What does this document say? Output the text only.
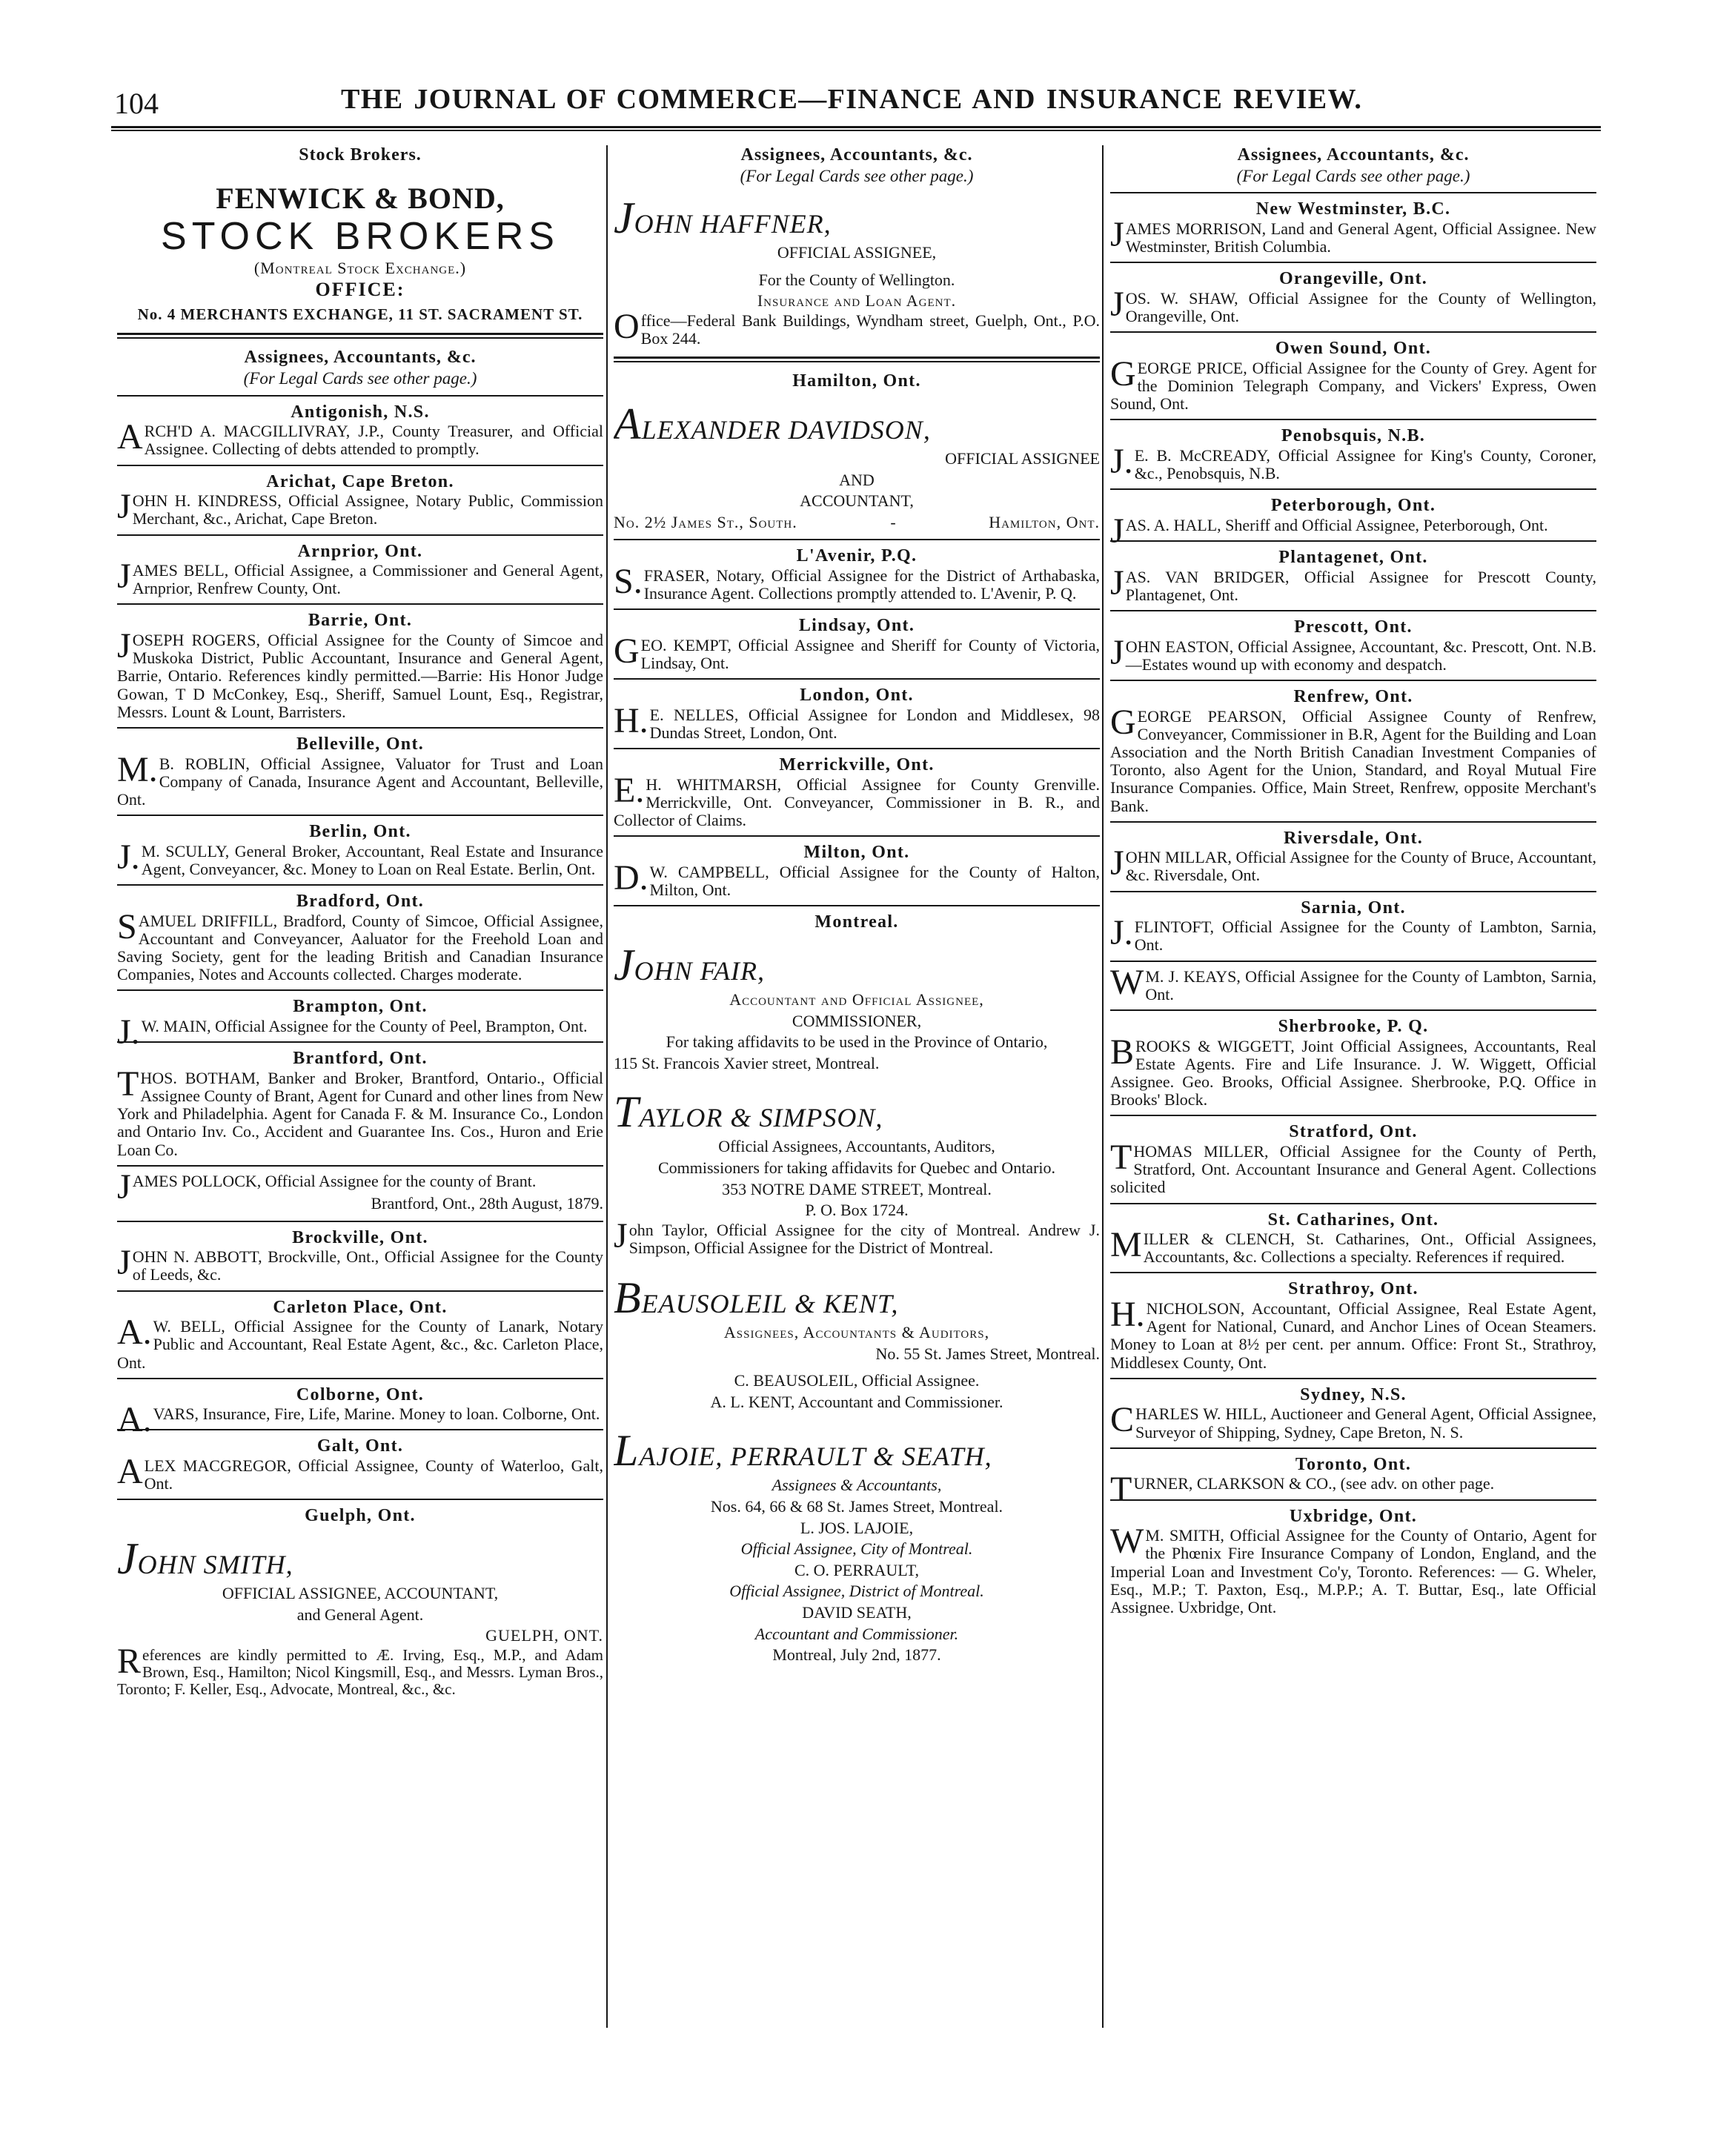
104	THE JOURNAL OF COMMERCE—FINANCE AND INSURANCE REVIEW.
Stock Brokers.
FENWICK & BOND,
STOCK BROKERS
(Montreal Stock Exchange.)
OFFICE:
No. 4 MERCHANTS EXCHANGE, 11 ST. SACRAMENT ST.
Assignees, Accountants, &c.
(For Legal Cards see other page.)
Antigonish, N.S.
ARCH'D A. MACGILLIVRAY, J.P., County Treasurer, and Official Assignee. Collecting of debts attended to promptly.
Arichat, Cape Breton.
JOHN H. KINDRESS, Official Assignee, Notary Public, Commission Merchant, &c., Arichat, Cape Breton.
Arnprior, Ont.
JAMES BELL, Official Assignee, a Commissioner and General Agent, Arnprior, Renfrew County, Ont.
Barrie, Ont.
JOSEPH ROGERS, Official Assignee for the County of Simcoe and Muskoka District, Public Accountant, Insurance and General Agent, Barrie, Ontario. References kindly permitted.—Barrie: His Honor Judge Gowan, T D McConkey, Esq., Sheriff, Samuel Lount, Esq., Registrar, Messrs. Lount & Lount, Barristers.
Belleville, Ont.
M.B. ROBLIN, Official Assignee, Valuator for Trust and Loan Company of Canada, Insurance Agent and Accountant, Belleville, Ont.
Berlin, Ont.
J.M. SCULLY, General Broker, Accountant, Real Estate and Insurance Agent, Conveyancer, &c. Money to Loan on Real Estate. Berlin, Ont.
Bradford, Ont.
SAMUEL DRIFFILL, Bradford, County of Simcoe, Official Assignee, Accountant and Conveyancer, Aaluator for the Freehold Loan and Saving Society, gent for the leading British and Canadian Insurance Companies, Notes and Accounts collected. Charges moderate.
Brampton, Ont.
J.W. MAIN, Official Assignee for the County of Peel, Brampton, Ont.
Brantford, Ont.
THOS. BOTHAM, Banker and Broker, Brantford, Ontario., Official Assignee County of Brant, Agent for Cunard and other lines from New York and Philadelphia. Agent for Canada F. & M. Insurance Co., London and Ontario Inv. Co., Accident and Guarantee Ins. Cos., Huron and Erie Loan Co.
JAMES POLLOCK, Official Assignee for the county of Brant.
Brantford, Ont., 28th August, 1879.
Brockville, Ont.
JOHN N. ABBOTT, Brockville, Ont., Official Assignee for the County of Leeds, &c.
Carleton Place, Ont.
A.W. BELL, Official Assignee for the County of Lanark, Notary Public and Accountant, Real Estate Agent, &c., &c. Carleton Place, Ont.
Colborne, Ont.
A.VARS, Insurance, Fire, Life, Marine. Money to loan. Colborne, Ont.
Galt, Ont.
ALEX MACGREGOR, Official Assignee, County of Waterloo, Galt, Ont.
Guelph, Ont.
JOHN SMITH,
OFFICIAL ASSIGNEE, ACCOUNTANT,
and General Agent.
GUELPH, ONT.
References are kindly permitted to Æ. Irving, Esq., M.P., and Adam Brown, Esq., Hamilton; Nicol Kingsmill, Esq., and Messrs. Lyman Bros., Toronto; F. Keller, Esq., Advocate, Montreal, &c., &c.
Assignees, Accountants, &c.
(For Legal Cards see other page.)
JOHN HAFFNER,
OFFICIAL ASSIGNEE,
For the County of Wellington.
Insurance and Loan Agent.
Office—Federal Bank Buildings, Wyndham street, Guelph, Ont., P.O. Box 244.
Hamilton, Ont.
ALEXANDER DAVIDSON,
OFFICIAL ASSIGNEE
AND
ACCOUNTANT,
No. 2½ James St., South.	-	Hamilton, Ont.
L'Avenir, P.Q.
S.FRASER, Notary, Official Assignee for the District of Arthabaska, Insurance Agent. Collections promptly attended to. L'Avenir, P. Q.
Lindsay, Ont.
GEO. KEMPT, Official Assignee and Sheriff for County of Victoria, Lindsay, Ont.
London, Ont.
H.E. NELLES, Official Assignee for London and Middlesex, 98 Dundas Street, London, Ont.
Merrickville, Ont.
E.H. WHITMARSH, Official Assignee for County Grenville. Merrickville, Ont. Conveyancer, Commissioner in B. R., and Collector of Claims.
Milton, Ont.
D.W. CAMPBELL, Official Assignee for the County of Halton, Milton, Ont.
Montreal.
JOHN FAIR,
Accountant and Official Assignee,
COMMISSIONER,
For taking affidavits to be used in the Province of Ontario,
115 St. Francois Xavier street, Montreal.
TAYLOR & SIMPSON,
Official Assignees, Accountants, Auditors,
Commissioners for taking affidavits for Quebec and Ontario.
353 NOTRE DAME STREET, Montreal.
P. O. Box 1724.
John Taylor, Official Assignee for the city of Montreal. Andrew J. Simpson, Official Assignee for the District of Montreal.
BEAUSOLEIL & KENT,
Assignees, Accountants & Auditors,
No. 55 St. James Street, Montreal.
C. BEAUSOLEIL, Official Assignee.
A. L. KENT, Accountant and Commissioner.
LAJOIE, PERRAULT & SEATH,
Assignees & Accountants,
Nos. 64, 66 & 68 St. James Street, Montreal.
L. JOS. LAJOIE,
Official Assignee, City of Montreal.
C. O. PERRAULT,
Official Assignee, District of Montreal.
DAVID SEATH,
Accountant and Commissioner.
Montreal, July 2nd, 1877.
Assignees, Accountants, &c.
(For Legal Cards see other page.)
New Westminster, B.C.
JAMES MORRISON, Land and General Agent, Official Assignee. New Westminster, British Columbia.
Orangeville, Ont.
JOS. W. SHAW, Official Assignee for the County of Wellington, Orangeville, Ont.
Owen Sound, Ont.
GEORGE PRICE, Official Assignee for the County of Grey. Agent for the Dominion Telegraph Company, and Vickers' Express, Owen Sound, Ont.
Penobsquis, N.B.
J.E. B. McCREADY, Official Assignee for King's County, Coroner, &c., Penobsquis, N.B.
Peterborough, Ont.
JAS. A. HALL, Sheriff and Official Assignee, Peterborough, Ont.
Plantagenet, Ont.
JAS. VAN BRIDGER, Official Assignee for Prescott County, Plantagenet, Ont.
Prescott, Ont.
JOHN EASTON, Official Assignee, Accountant, &c. Prescott, Ont. N.B.—Estates wound up with economy and despatch.
Renfrew, Ont.
GEORGE PEARSON, Official Assignee County of Renfrew, Conveyancer, Commissioner in B.R, Agent for the Building and Loan Association and the North British Canadian Investment Companies of Toronto, also Agent for the Union, Standard, and Royal Mutual Fire Insurance Companies. Office, Main Street, Renfrew, opposite Merchant's Bank.
Riversdale, Ont.
JOHN MILLAR, Official Assignee for the County of Bruce, Accountant, &c. Riversdale, Ont.
Sarnia, Ont.
J.FLINTOFT, Official Assignee for the County of Lambton, Sarnia, Ont.
WM. J. KEAYS, Official Assignee for the County of Lambton, Sarnia, Ont.
Sherbrooke, P. Q.
BROOKS & WIGGETT, Joint Official Assignees, Accountants, Real Estate Agents. Fire and Life Insurance. J. W. Wiggett, Official Assignee. Geo. Brooks, Official Assignee. Sherbrooke, P.Q. Office in Brooks' Block.
Stratford, Ont.
THOMAS MILLER, Official Assignee for the County of Perth, Stratford, Ont. Accountant Insurance and General Agent. Collections solicited
St. Catharines, Ont.
MILLER & CLENCH, St. Catharines, Ont., Official Assignees, Accountants, &c. Collections a specialty. References if required.
Strathroy, Ont.
H.NICHOLSON, Accountant, Official Assignee, Real Estate Agent, Agent for National, Cunard, and Anchor Lines of Ocean Steamers. Money to Loan at 8½ per cent. per annum. Office: Front St., Strathroy, Middlesex County, Ont.
Sydney, N.S.
CHARLES W. HILL, Auctioneer and General Agent, Official Assignee, Surveyor of Shipping, Sydney, Cape Breton, N. S.
Toronto, Ont.
TURNER, CLARKSON & CO., (see adv. on other page.
Uxbridge, Ont.
WM. SMITH, Official Assignee for the County of Ontario, Agent for the Phœnix Fire Insurance Company of London, England, and the Imperial Loan and Investment Co'y, Toronto. References: — G. Wheler, Esq., M.P.; T. Paxton, Esq., M.P.P.; A. T. Buttar, Esq., late Official Assignee. Uxbridge, Ont.
